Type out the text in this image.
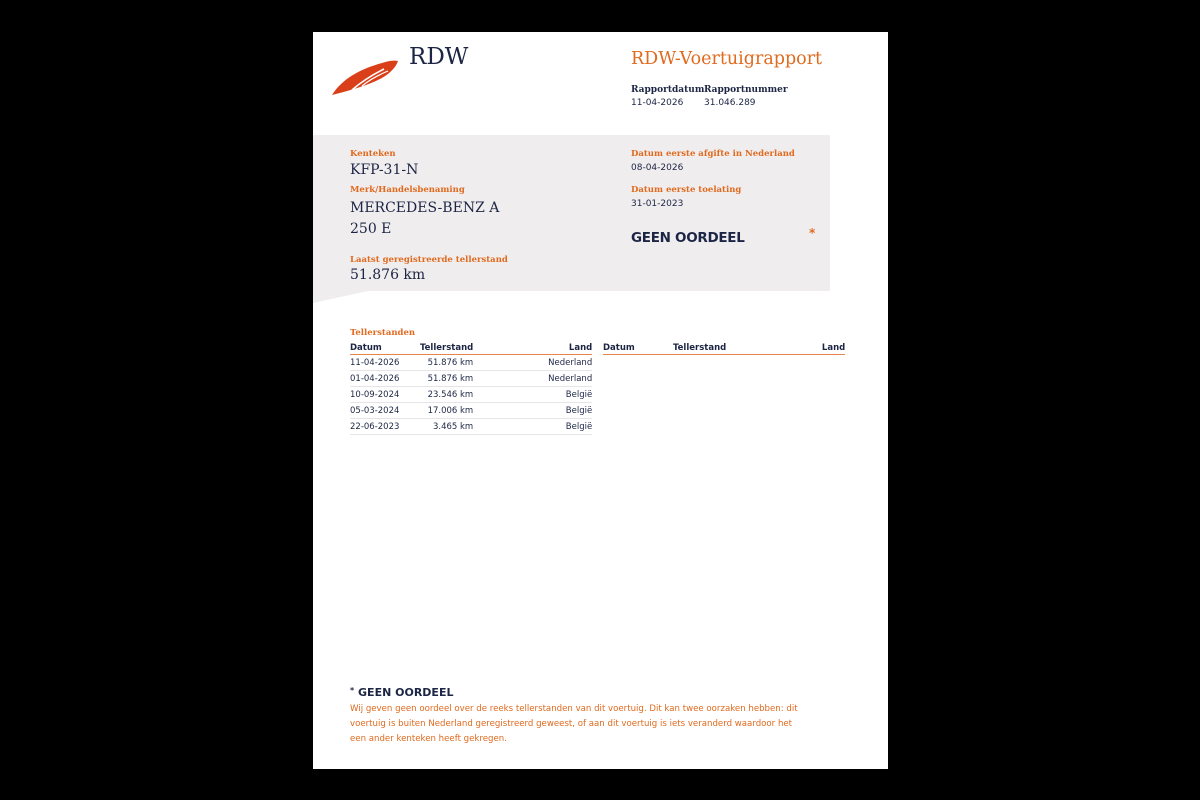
RDW	RDW-Voertuigrapport
Rapportdatum
11-04-2026
Rapportnummer
31.046.289
Kenteken
KFP-31-N
Merk/Handelsbenaming
MERCEDES-BENZ A
250 E
Laatst geregistreerde tellerstand
51.876 km
Datum eerste afgifte in Nederland
08-04-2026
Datum eerste toelating
31-01-2023
GEEN OORDEEL	*
Tellerstanden
Datum	Tellerstand	Land
11-04-2026	51.876 km	Nederland
01-04-2026	51.876 km	Nederland
10-09-2024	23.546 km	België
05-03-2024	17.006 km	België
22-06-2023	3.465 km	België
Datum	Tellerstand	Land
* GEEN OORDEEL
Wij geven geen oordeel over de reeks tellerstanden van dit voertuig. Dit kan twee oorzaken hebben: dit voertuig is buiten Nederland geregistreerd geweest, of aan dit voertuig is iets veranderd waardoor het een ander kenteken heeft gekregen.
